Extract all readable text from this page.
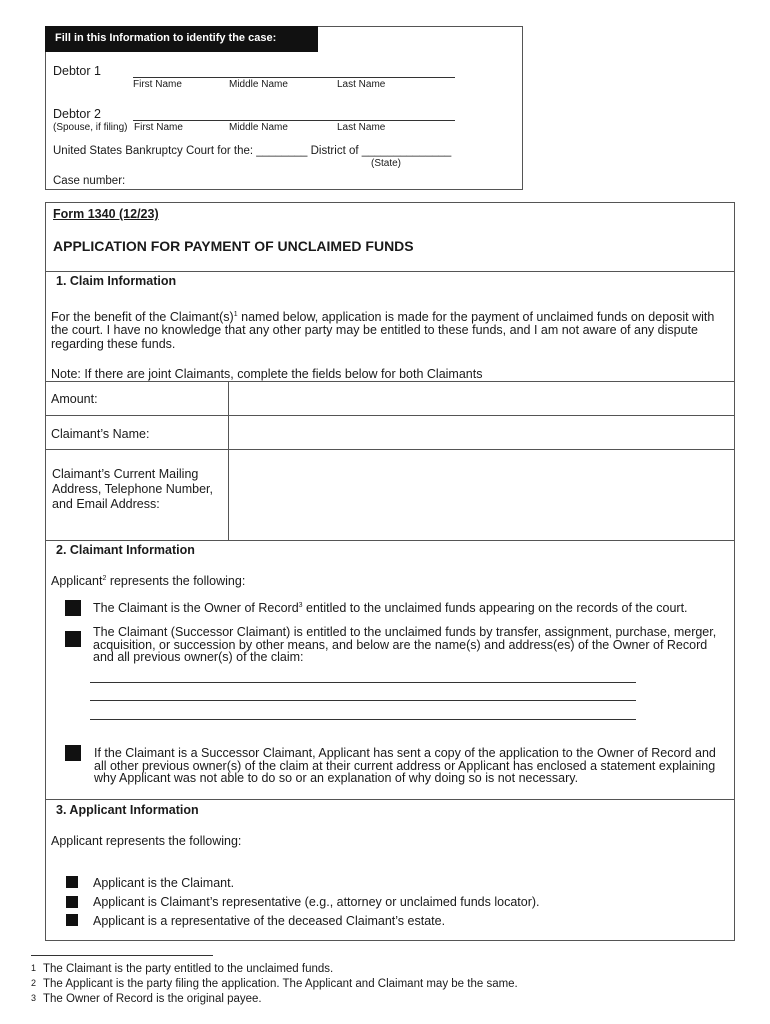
Fill in this Information to identify the case:
Debtor 1
First Name	Middle Name	Last Name
Debtor 2
(Spouse, if filing) First Name	Middle Name	Last Name
United States Bankruptcy Court for the: ________ District of ______________
(State)
Case number:
Form 1340 (12/23)
APPLICATION FOR PAYMENT OF UNCLAIMED FUNDS
1. Claim Information
For the benefit of the $Claimant(s)^1$ named below, application is made for the payment of unclaimed funds on deposit with
the court. I have no knowledge that any other party may be entitled to these funds, and I am not aware of any dispute
regarding these funds.
Note: If there are joint Claimants, complete the fields below for both Claimants
Amount:
Claimant’s Name:
Claimant’s Current Mailing
Address, Telephone Number,
and Email Address:
2. Claimant Information
Applicant$^2$ represents the following:
The Claimant is the Owner of Record$^3$ entitled to the unclaimed funds appearing on the records of the court.
The Claimant (Successor Claimant) is entitled to the unclaimed funds by transfer, assignment, purchase, merger,
acquisition, or succession by other means, and below are the name(s) and address(es) of the Owner of Record
and all previous owner(s) of the claim:
If the Claimant is a Successor Claimant, Applicant has sent a copy of the application to the Owner of Record and
all other previous owner(s) of the claim at their current address or Applicant has enclosed a statement explaining
why Applicant was not able to do so or an explanation of why doing so is not necessary.
3. Applicant Information
Applicant represents the following:
Applicant is the Claimant.
Applicant is Claimant’s representative (e.g., attorney or unclaimed funds locator).
Applicant is a representative of the deceased Claimant’s estate.
1 The Claimant is the party entitled to the unclaimed funds.
2 The Applicant is the party filing the application. The Applicant and Claimant may be the same.
3 The Owner of Record is the original payee.
